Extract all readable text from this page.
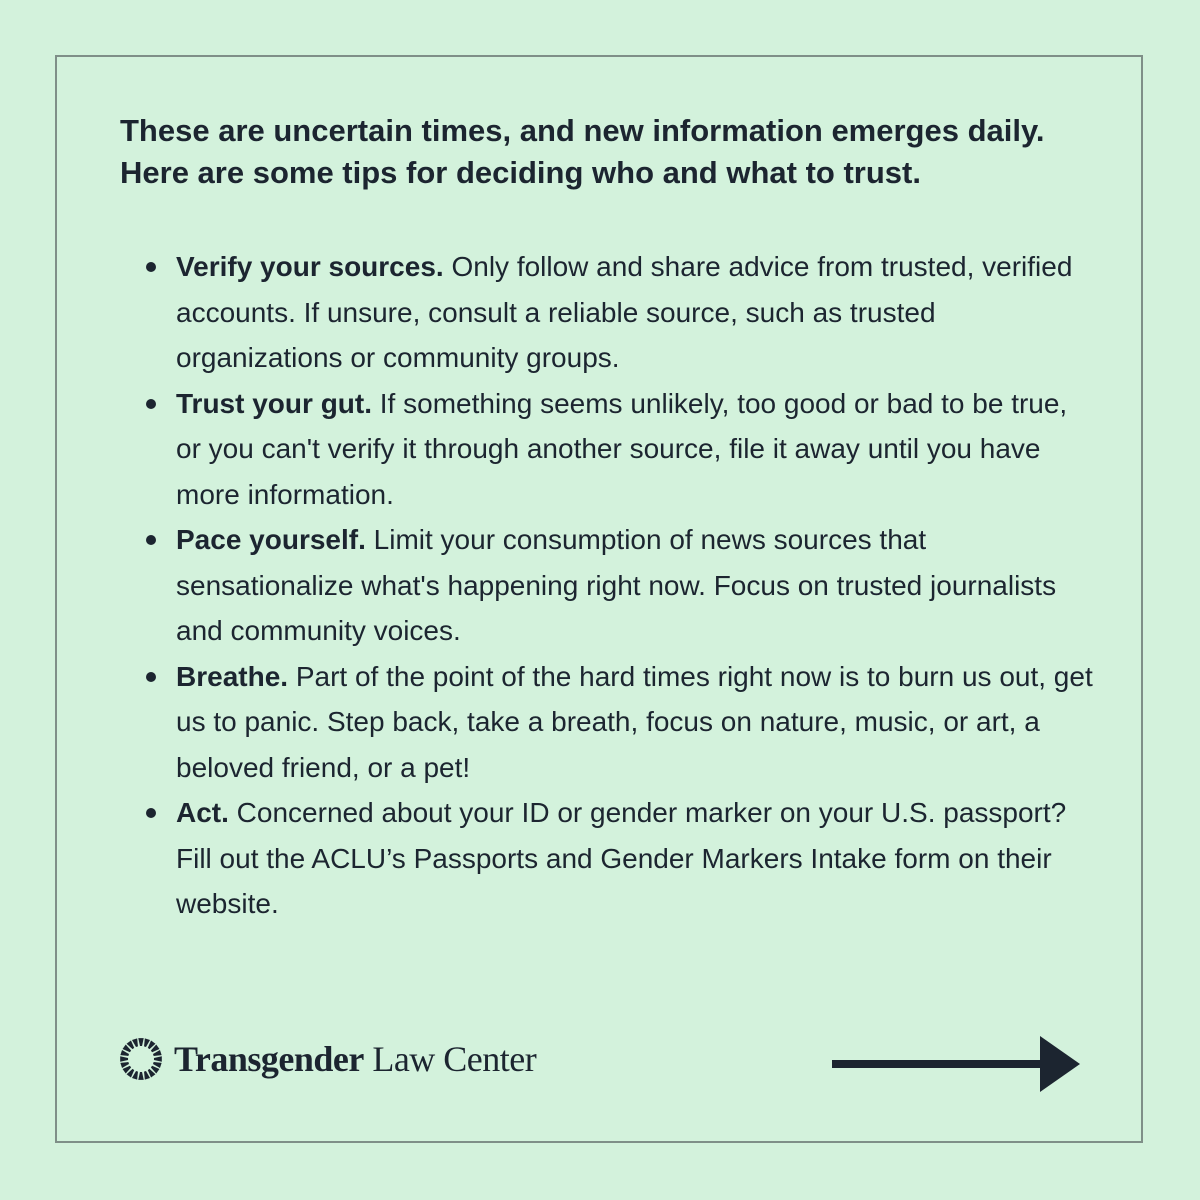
These are uncertain times, and new information emerges daily. Here are some tips for deciding who and what to trust.

Verify your sources. Only follow and share advice from trusted, verified accounts. If unsure, consult a reliable source, such as trusted organizations or community groups.
Trust your gut. If something seems unlikely, too good or bad to be true, or you can't verify it through another source, file it away until you have more information.
Pace yourself. Limit your consumption of news sources that sensationalize what's happening right now. Focus on trusted journalists and community voices.
Breathe. Part of the point of the hard times right now is to burn us out, get us to panic. Step back, take a breath, focus on nature, music, or art, a beloved friend, or a pet!
Act. Concerned about your ID or gender marker on your U.S. passport? Fill out the ACLU’s Passports and Gender Markers Intake form on their website.
Transgender Law Center
